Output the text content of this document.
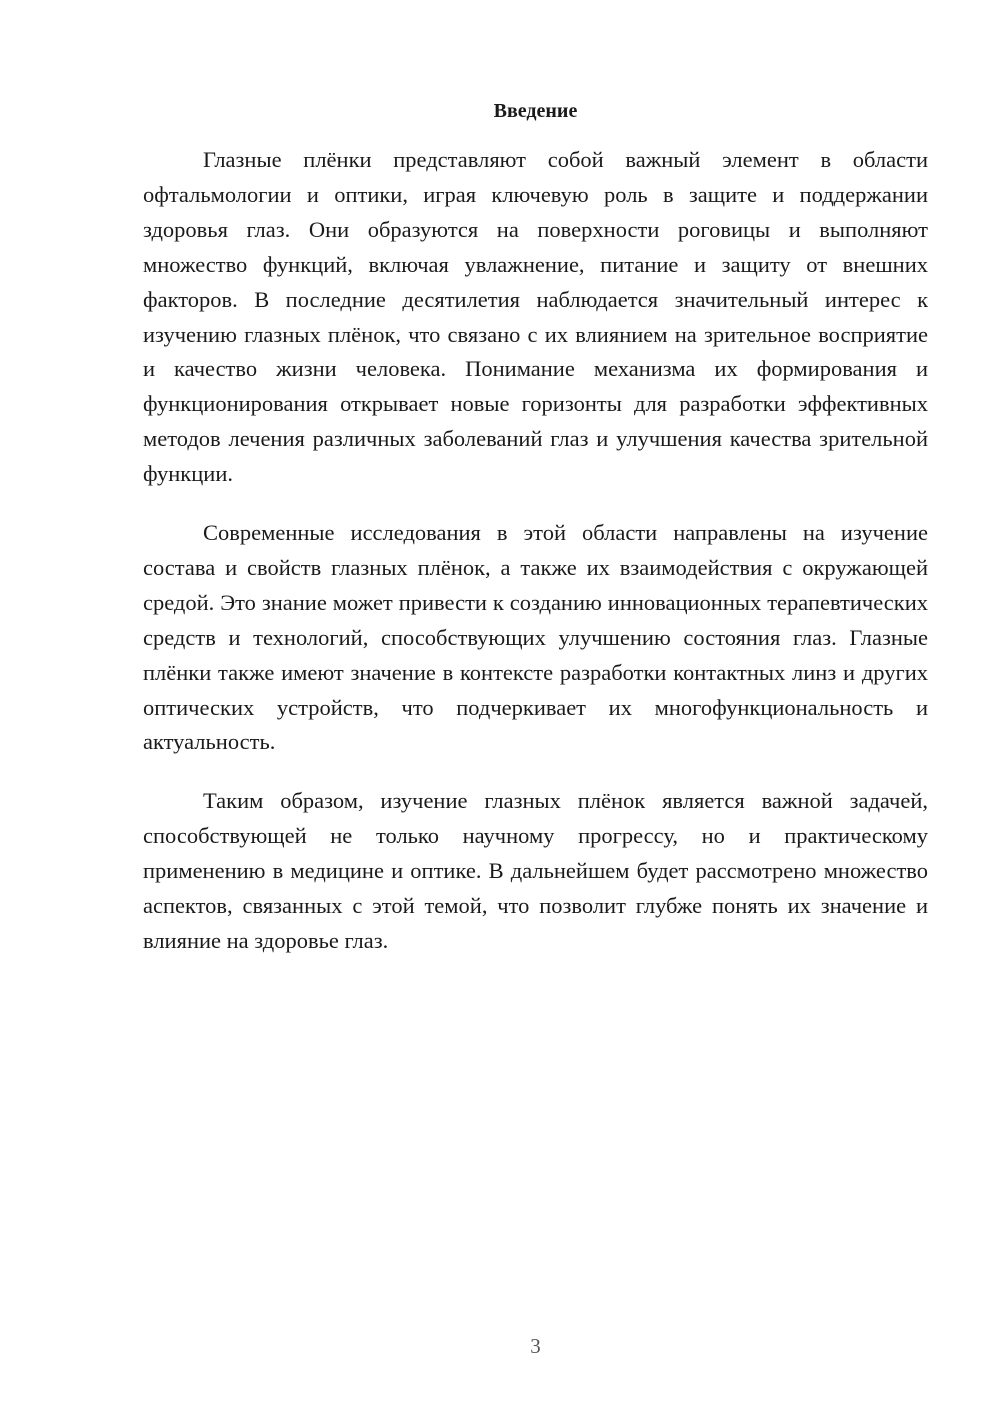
Введение

Глазные плёнки представляют собой важный элемент в области офтальмологии и оптики, играя ключевую роль в защите и поддержании здоровья глаз. Они образуются на поверхности роговицы и выполняют множество функций, включая увлажнение, питание и защиту от внешних факторов. В последние десятилетия наблюдается значительный интерес к изучению глазных плёнок, что связано с их влиянием на зрительное восприятие и качество жизни человека. Понимание механизма их формирования и функционирования открывает новые горизонты для разработки эффективных методов лечения различных заболеваний глаз и улучшения качества зрительной функции.

Современные исследования в этой области направлены на изучение состава и свойств глазных плёнок, а также их взаимодействия с окружающей средой. Это знание может привести к созданию инновационных терапевтических средств и технологий, способствующих улучшению состояния глаз. Глазные плёнки также имеют значение в контексте разработки контактных линз и других оптических устройств, что подчеркивает их многофункциональность и актуальность.

Таким образом, изучение глазных плёнок является важной задачей, способствующей не только научному прогрессу, но и практическому применению в медицине и оптике. В дальнейшем будет рассмотрено множество аспектов, связанных с этой темой, что позволит глубже понять их значение и влияние на здоровье глаз.

3
